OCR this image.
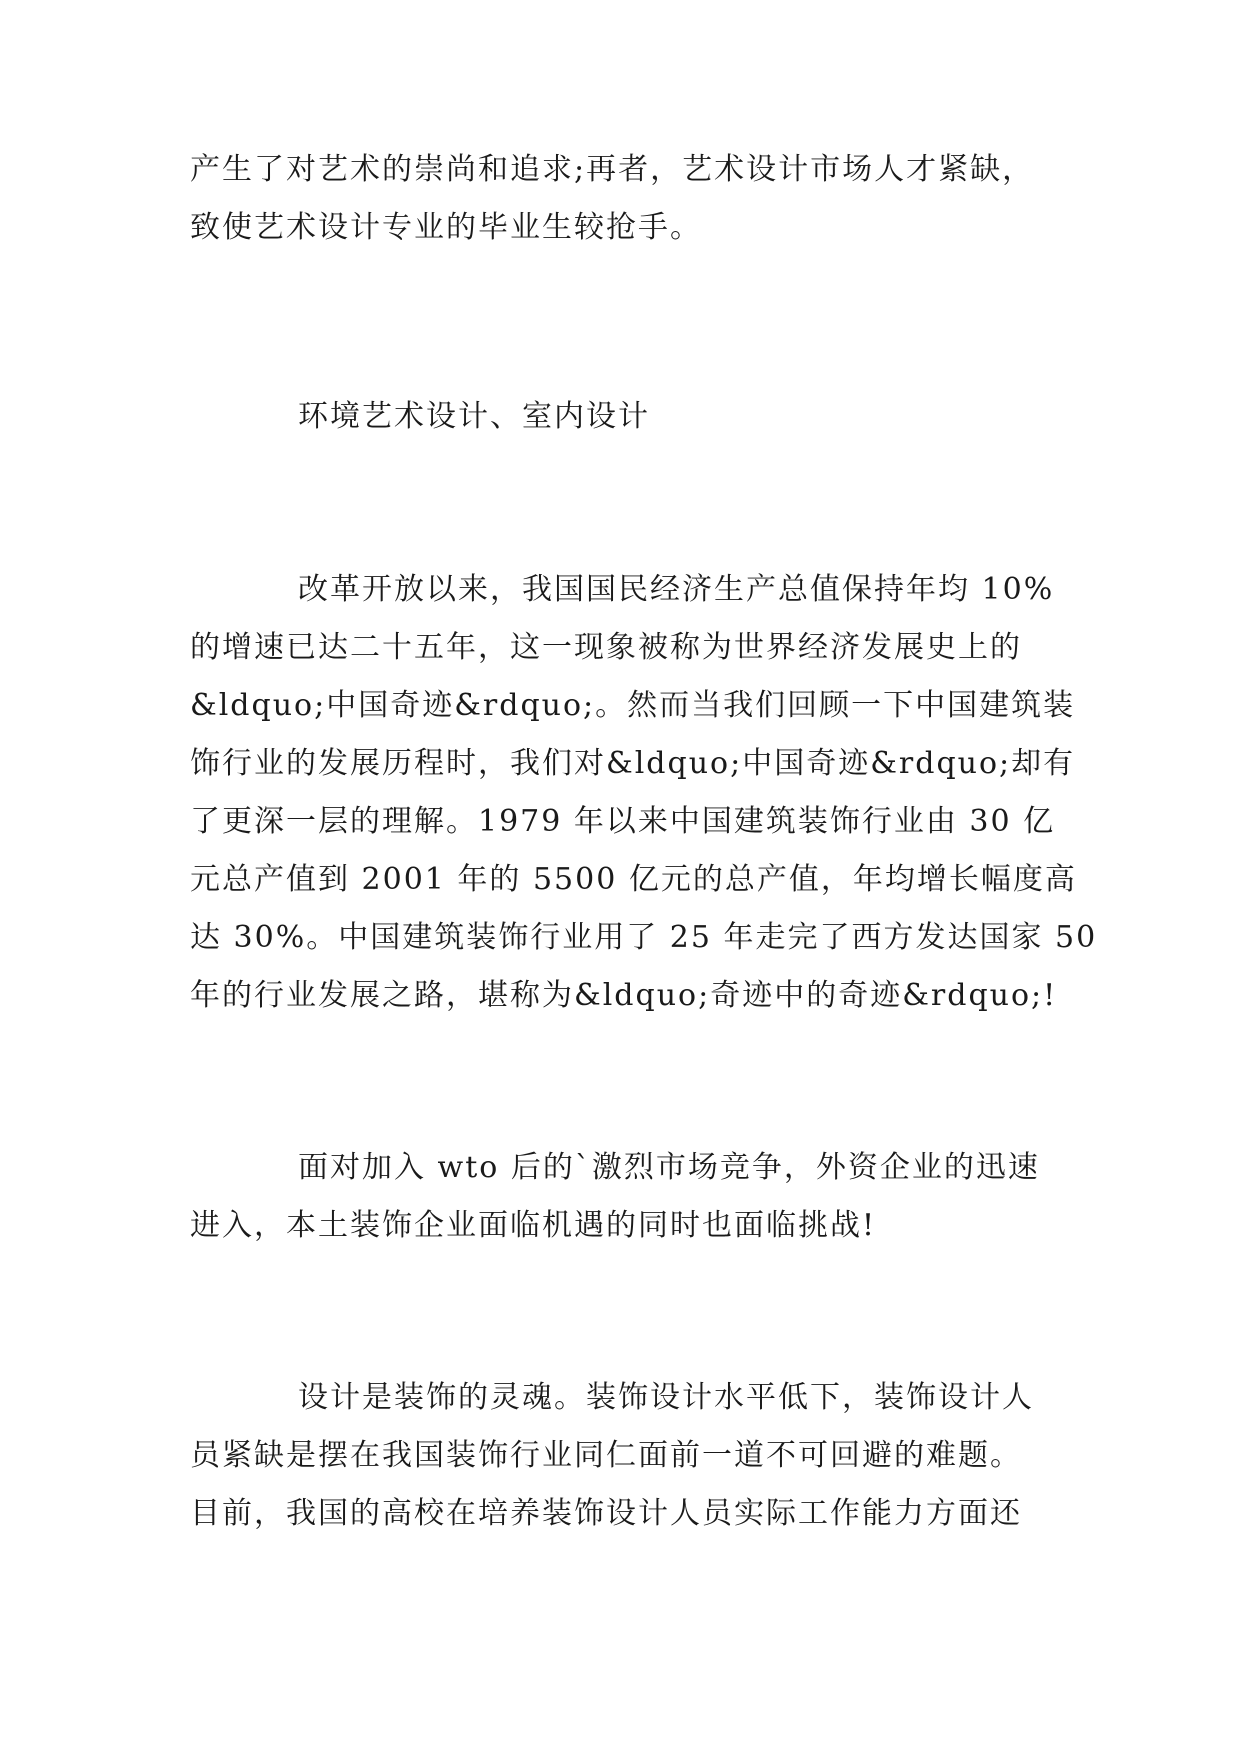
产生了对艺术的崇尚和追求;再者，艺术设计市场人才紧缺，
致使艺术设计专业的毕业生较抢手。
环境艺术设计、室内设计
改革开放以来，我国国民经济生产总值保持年均 10%
的增速已达二十五年，这一现象被称为世界经济发展史上的
&ldquo;中国奇迹&rdquo;。然而当我们回顾一下中国建筑装
饰行业的发展历程时，我们对&ldquo;中国奇迹&rdquo;却有
了更深一层的理解。1979 年以来中国建筑装饰行业由 30 亿
元总产值到 2001 年的 5500 亿元的总产值，年均增长幅度高
达 30%。中国建筑装饰行业用了 25 年走完了西方发达国家 50
年的行业发展之路，堪称为&ldquo;奇迹中的奇迹&rdquo;!
面对加入 wto 后的`激烈市场竞争，外资企业的迅速
进入，本土装饰企业面临机遇的同时也面临挑战!
设计是装饰的灵魂。装饰设计水平低下，装饰设计人
员紧缺是摆在我国装饰行业同仁面前一道不可回避的难题。
目前，我国的高校在培养装饰设计人员实际工作能力方面还
